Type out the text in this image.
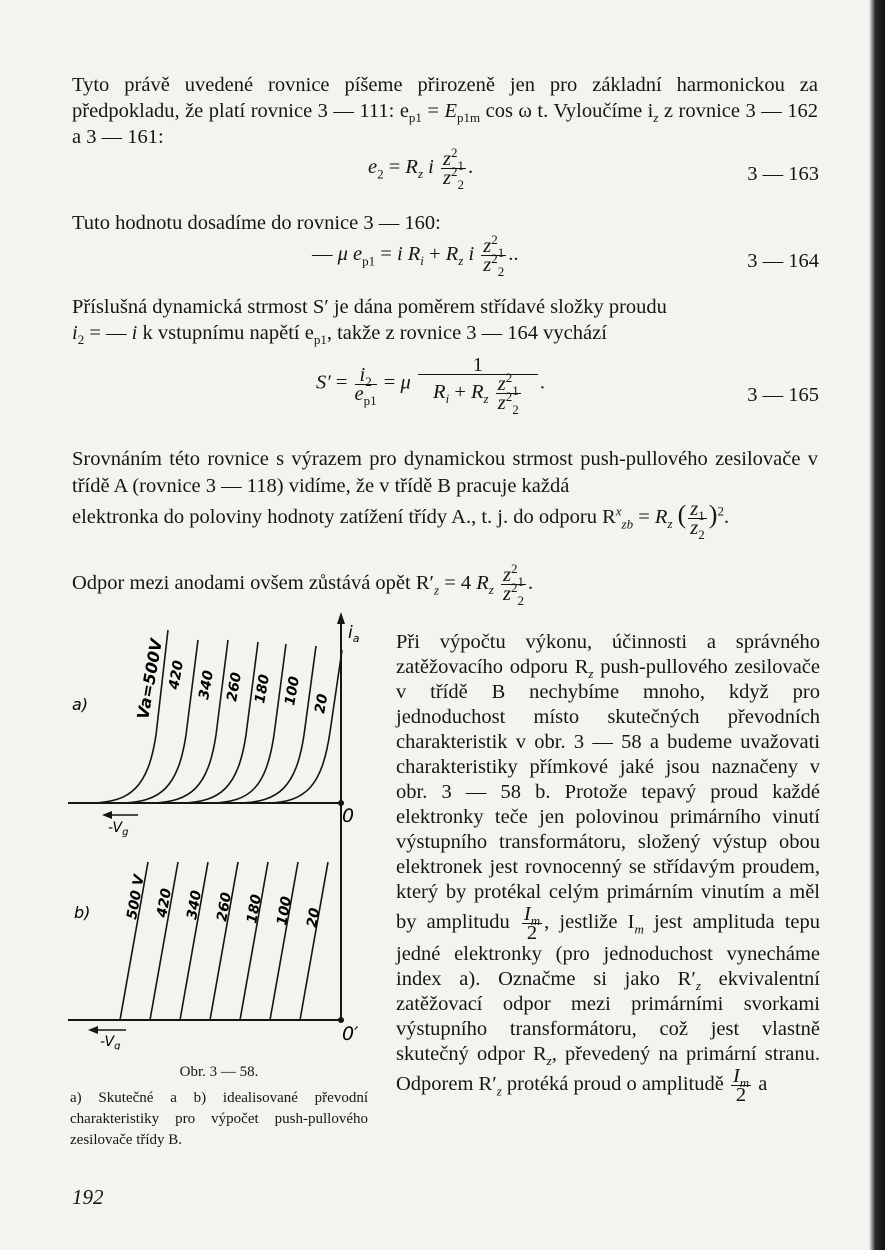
Tyto právě uvedené rovnice píšeme přirozeně jen pro základní harmonickou za předpokladu, že platí rovnice 3 — 111: $e_{p1} = E_{p1m}$ cos ω t. Vyloučíme $i_z$ z rovnice 3 — 162 a 3 — 161:

$e_2 = R_z$ i $\frac{z^2_1}{z^2_2}$ .	3 — 163

Tuto hodnotu dosadíme do rovnice 3 — 160:

— μ $e_{p1} = i$ $R_i + R_z$ i $\frac{z^2_1}{z^2_2}$ ..	3 — 164

Příslušná dynamická strmost S′ je dána poměrem střídavé složky proudu
$i_2$ = — i k vstupnímu napětí $e_{p1}$, takže z rovnice 3 — 164 vychází

$S' = \frac{i_2}{e_{p1}} = \mu \frac{1}{R_i + R_z \frac{z^2_1}{z^2_2}}$ .
3 — 165

Srovnáním této rovnice s výrazem pro dynamickou strmost push-pullového zesilovače v třídě A (rovnice 3 — 118) vidíme, že v třídě B pracuje každá
elektronka do poloviny hodnoty zatížení třídy A., t. j. do odporu $R^x_{zb} = R_z$ ( $\frac{z_1}{z_2} )^2$.

Odpor mezi anodami ovšem zůstává opět $R'_z = 4$ $R_z \frac{z^2_1}{z^2_2}$ .

$i_a$
0
$-V_g$
a)	Va=500V 420 340 260 180 100 20
0′
$-V_g$
b) 500 V 420 340 260 180 100 20
Obr. 3 — 58.

a) Skutečné a b) idealisované převodní charakteristiky pro výpočet push-pullového zesilovače třídy B.

Při výpočtu výkonu, účinnosti a správného zatěžovacího odporu $R_z$ push-pullového zesilovače v třídě B nechybíme mnoho, když pro jednoduchost místo skutečných převodních charakteristik v obr. 3 — 58 a budeme uvažovati charakteristiky přímkové jaké jsou naznačeny v obr. 3 — 58 b. Protože tepavý proud každé elektronky teče jen polovinou primárního vinutí výstupního transformátoru, složený výstup obou elektronek jest rovnocenný se střídavým proudem, který by protékal celým primárním vinutím a měl by amplitudu $\frac{I_m}{2}$ , jestliže $I_m$ jest amplituda tepu jedné elektronky (pro jednoduchost vynecháme index a). Označme si jako $R'_z$ ekvivalentní zatěžovací odpor mezi primárními svorkami výstupního transformátoru, což jest vlastně skutečný odpor $R_z$, převedený na primární stranu. Odporem $R'_z$ protéká proud o amplitudě $\frac{I_m}{2}$ a

192
